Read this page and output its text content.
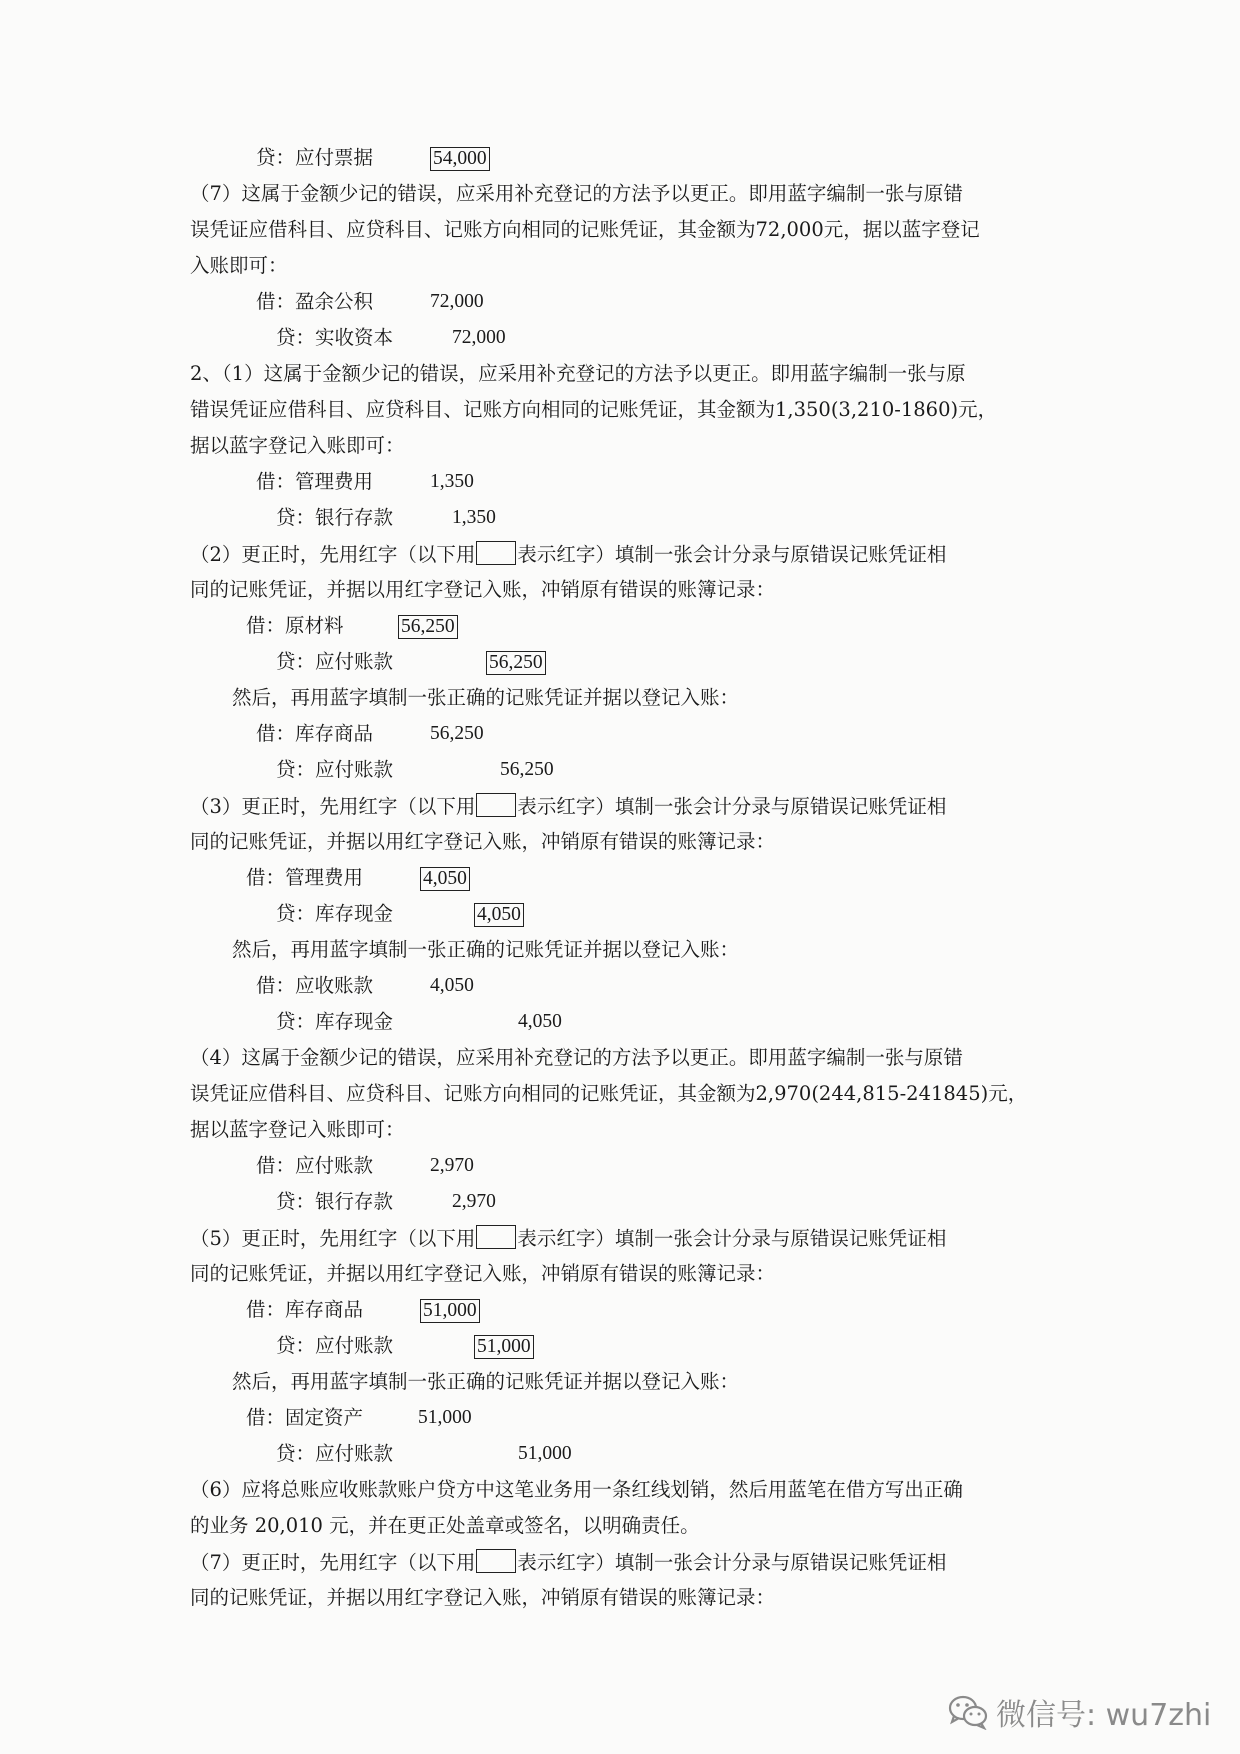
贷：应付票据	54,000
（7）这属于金额少记的错误，应采用补充登记的方法予以更正。即用蓝字编制一张与原错
误凭证应借科目、应贷科目、记账方向相同的记账凭证，其金额为72,000元，据以蓝字登记
入账即可：
借：盈余公积	72,000
贷：实收资本	72,000
2、（1）这属于金额少记的错误，应采用补充登记的方法予以更正。即用蓝字编制一张与原
错误凭证应借科目、应贷科目、记账方向相同的记账凭证，其金额为1,350(3,210-1860)元，
据以蓝字登记入账即可：
借：管理费用	1,350
贷：银行存款	1,350
（2）更正时，先用红字（以下用 表示红字）填制一张会计分录与原错误记账凭证相
同的记账凭证，并据以用红字登记入账，冲销原有错误的账簿记录：
借：原材料	56,250
贷：应付账款	56,250
然后，再用蓝字填制一张正确的记账凭证并据以登记入账：
借：库存商品	56,250
贷：应付账款	56,250
（3）更正时，先用红字（以下用 表示红字）填制一张会计分录与原错误记账凭证相
同的记账凭证，并据以用红字登记入账，冲销原有错误的账簿记录：
借：管理费用	4,050
贷：库存现金	4,050
然后，再用蓝字填制一张正确的记账凭证并据以登记入账：
借：应收账款	4,050
贷：库存现金	4,050
（4）这属于金额少记的错误，应采用补充登记的方法予以更正。即用蓝字编制一张与原错
误凭证应借科目、应贷科目、记账方向相同的记账凭证，其金额为2,970(244,815-241845)元，
据以蓝字登记入账即可：
借：应付账款	2,970
贷：银行存款	2,970
（5）更正时，先用红字（以下用 表示红字）填制一张会计分录与原错误记账凭证相
同的记账凭证，并据以用红字登记入账，冲销原有错误的账簿记录：
借：库存商品	51,000
贷：应付账款	51,000
然后，再用蓝字填制一张正确的记账凭证并据以登记入账：
借：固定资产	51,000
贷：应付账款	51,000
（6）应将总账应收账款账户贷方中这笔业务用一条红线划销，然后用蓝笔在借方写出正确
的业务 20,010 元，并在更正处盖章或签名，以明确责任。
（7）更正时，先用红字（以下用 表示红字）填制一张会计分录与原错误记账凭证相
同的记账凭证，并据以用红字登记入账，冲销原有错误的账簿记录：
微信号: wu7zhi
